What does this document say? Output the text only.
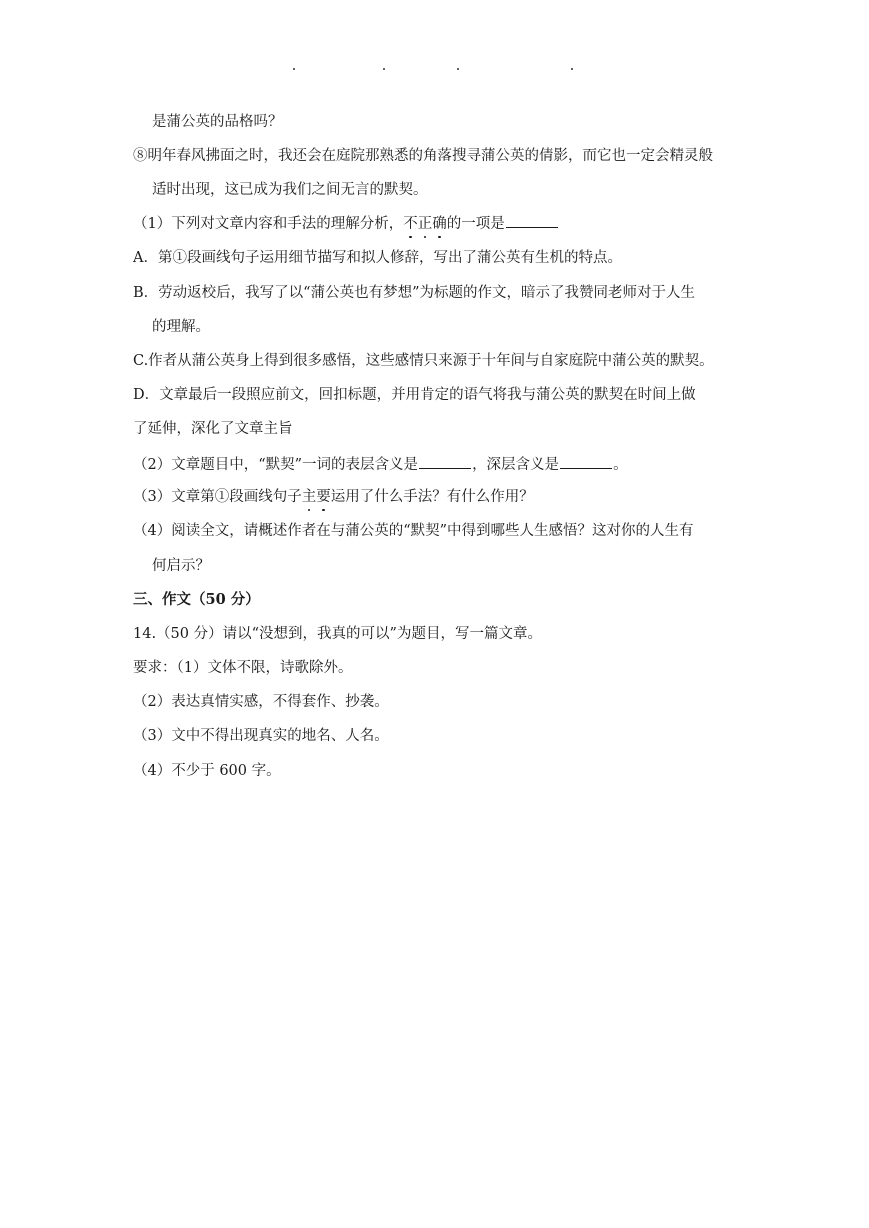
是蒲公英的品格吗？
⑧明年春风拂面之时，我还会在庭院那熟悉的角落搜寻蒲公英的倩影，而它也一定会精灵般
适时出现，这已成为我们之间无言的默契。
（1）下列对文章内容和手法的理解分析，不正确的一项是
A．第①段画线句子运用细节描写和拟人修辞，写出了蒲公英有生机的特点。
B．劳动返校后，我写了以“蒲公英也有梦想”为标题的作文，暗示了我赞同老师对于人生
的理解。
C.作者从蒲公英身上得到很多感悟，这些感情只来源于十年间与自家庭院中蒲公英的默契。
D．文章最后一段照应前文，回扣标题，并用肯定的语气将我与蒲公英的默契在时间上做
了延伸，深化了文章主旨
（2）文章题目中，“默契”一词的表层含义是	，深层含义是	。
（3）文章第①段画线句子主要运用了什么手法？有什么作用？
（4）阅读全文，请概述作者在与蒲公英的“默契”中得到哪些人生感悟？这对你的人生有
何启示？
三、作文（50 分）
14.（50 分）请以“没想到，我真的可以”为题目，写一篇文章。
要求：（1）文体不限，诗歌除外。
（2）表达真情实感，不得套作、抄袭。
（3）文中不得出现真实的地名、人名。
（4）不少于 600 字。
